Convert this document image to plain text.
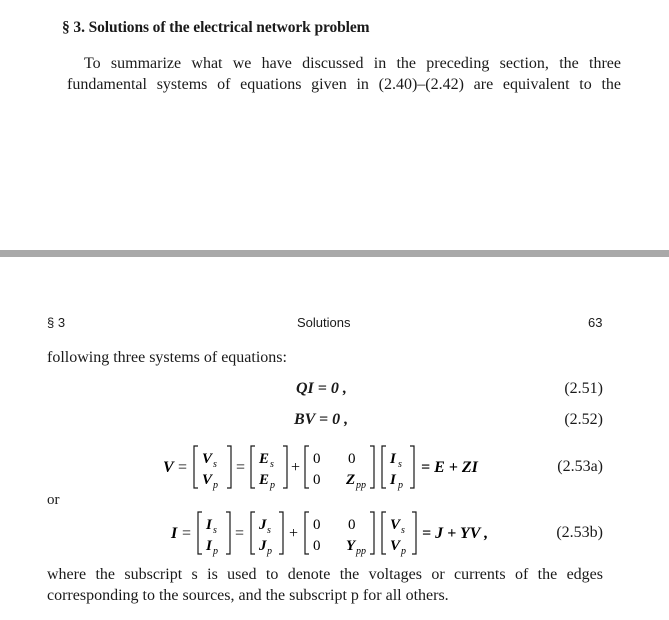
§ 3. Solutions of the electrical network problem
To summarize what we have discussed in the preceding section, the three
fundamental systems of equations given in (2.40)–(2.42) are equivalent to the
§ 3	Solutions	63
following three systems of equations:
QI = 0 ,	(2.51)
BV = 0 ,	(2.52)
V = V s
V p
= E s
E p
+ 0 0
0 Z pp
I s
I p
= E + ZI	(2.53a)
or
I = I s
I p
= J s
J p
+ 0 0
0 Y pp
V s
V p
= J + YV ,	(2.53b)
where the subscript s is used to denote the voltages or currents of the edges
corresponding to the sources, and the subscript p for all others.
